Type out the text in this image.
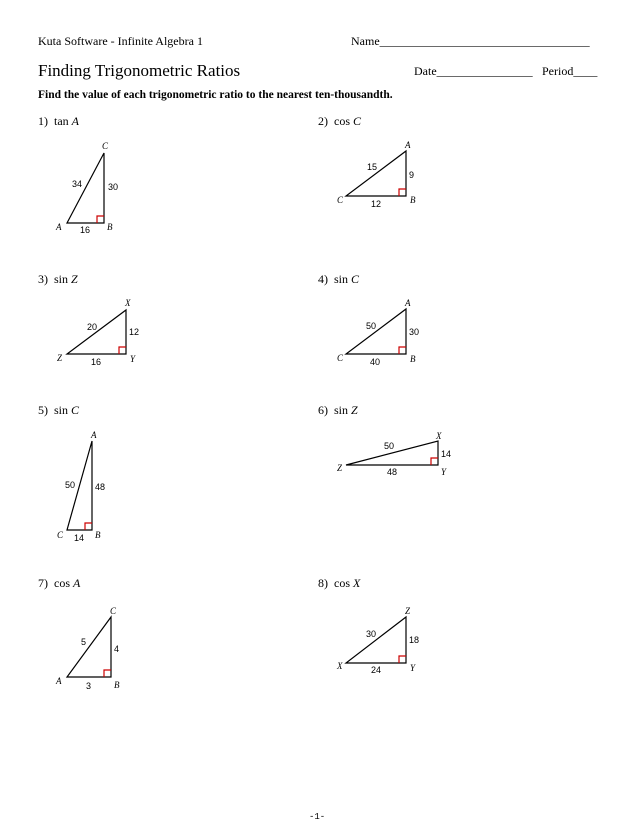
Kuta Software - Infinite Algebra 1	Name___________________________________
Finding Trigonometric Ratios	Date________________ Period____
Find the value of each trigonometric ratio to the nearest ten-thousandth.
1) tan A	2) cos C
3) sin Z	4) sin C
5) sin C	6) sin Z
7) cos A	8) cos X
C
A	B
34	30
16
A
C	B
15
9
12
X
Z	Y
20	12
16
A
C	B
50
30
40
A
C	B
50 48
14
X
Z	Y
50
14
48
C
A	B
5
4
3
Z
X	Y
30
18
24
-1-
